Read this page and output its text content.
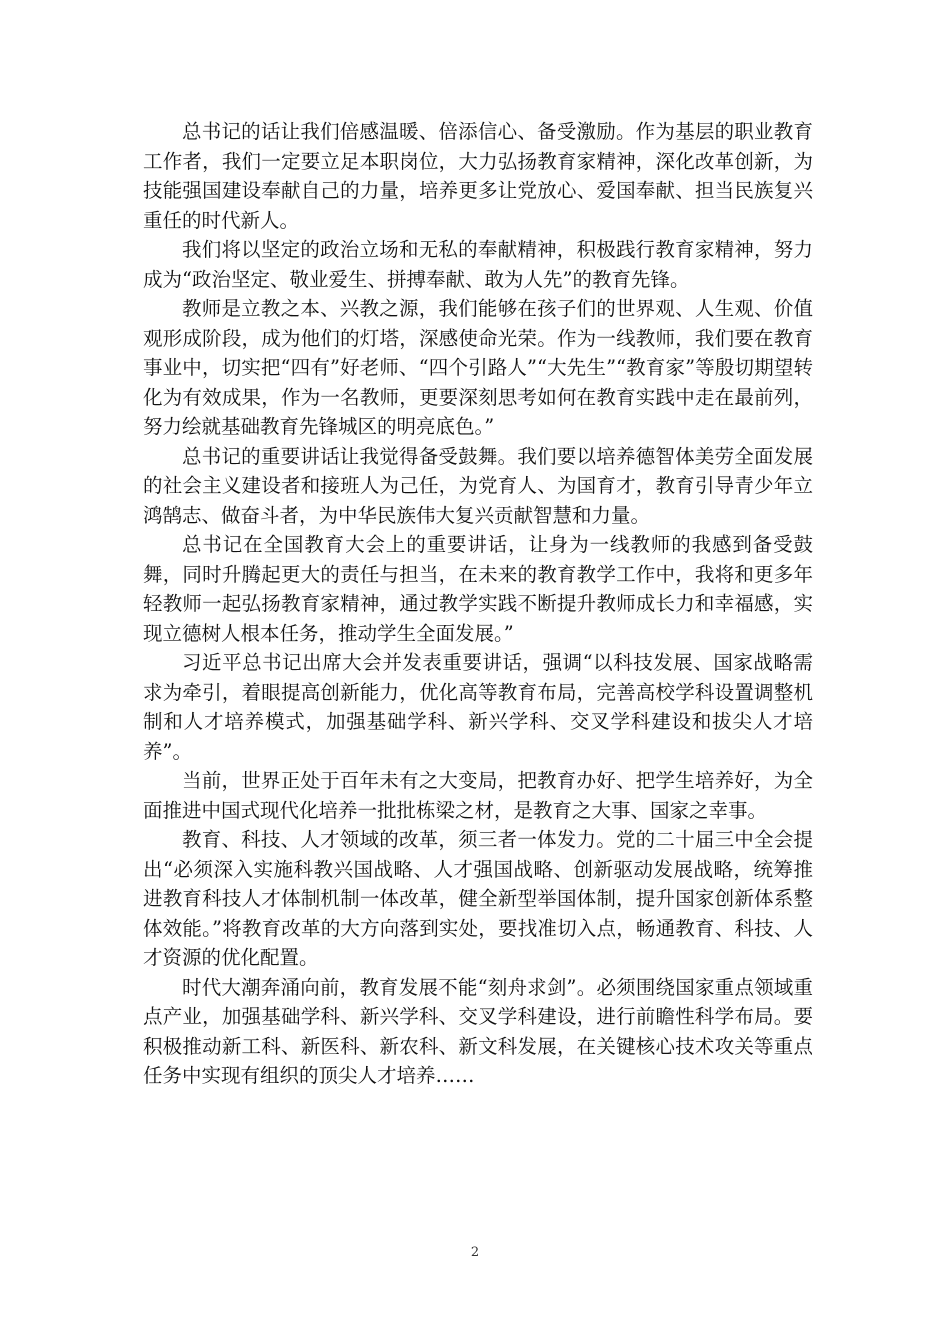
总书记的话让我们倍感温暖、倍添信心、备受激励。作为基层的职业教育工作者，我们一定要立足本职岗位，大力弘扬教育家精神，深化改革创新，为技能强国建设奉献自己的力量，培养更多让党放心、爱国奉献、担当民族复兴重任的时代新人。

我们将以坚定的政治立场和无私的奉献精神，积极践行教育家精神，努力成为“政治坚定、敬业爱生、拼搏奉献、敢为人先”的教育先锋。

教师是立教之本、兴教之源，我们能够在孩子们的世界观、人生观、价值观形成阶段，成为他们的灯塔，深感使命光荣。作为一线教师，我们要在教育事业中，切实把“四有”好老师、“四个引路人”“大先生”“教育家”等殷切期望转化为有效成果，作为一名教师，更要深刻思考如何在教育实践中走在最前列，努力绘就基础教育先锋城区的明亮底色。”

总书记的重要讲话让我觉得备受鼓舞。我们要以培养德智体美劳全面发展的社会主义建设者和接班人为己任，为党育人、为国育才，教育引导青少年立鸿鹄志、做奋斗者，为中华民族伟大复兴贡献智慧和力量。

总书记在全国教育大会上的重要讲话，让身为一线教师的我感到备受鼓舞，同时升腾起更大的责任与担当，在未来的教育教学工作中，我将和更多年轻教师一起弘扬教育家精神，通过教学实践不断提升教师成长力和幸福感，实现立德树人根本任务，推动学生全面发展。”

习近平总书记出席大会并发表重要讲话，强调“以科技发展、国家战略需求为牵引，着眼提高创新能力，优化高等教育布局，完善高校学科设置调整机制和人才培养模式，加强基础学科、新兴学科、交叉学科建设和拔尖人才培养”。

当前，世界正处于百年未有之大变局，把教育办好、把学生培养好，为全面推进中国式现代化培养一批批栋梁之材，是教育之大事、国家之幸事。

教育、科技、人才领域的改革，须三者一体发力。党的二十届三中全会提出“必须深入实施科教兴国战略、人才强国战略、创新驱动发展战略，统筹推进教育科技人才体制机制一体改革，健全新型举国体制，提升国家创新体系整体效能。”将教育改革的大方向落到实处，要找准切入点，畅通教育、科技、人才资源的优化配置。

时代大潮奔涌向前，教育发展不能“刻舟求剑”。必须围绕国家重点领域重点产业，加强基础学科、新兴学科、交叉学科建设，进行前瞻性科学布局。要积极推动新工科、新医科、新农科、新文科发展，在关键核心技术攻关等重点任务中实现有组织的顶尖人才培养……

2
